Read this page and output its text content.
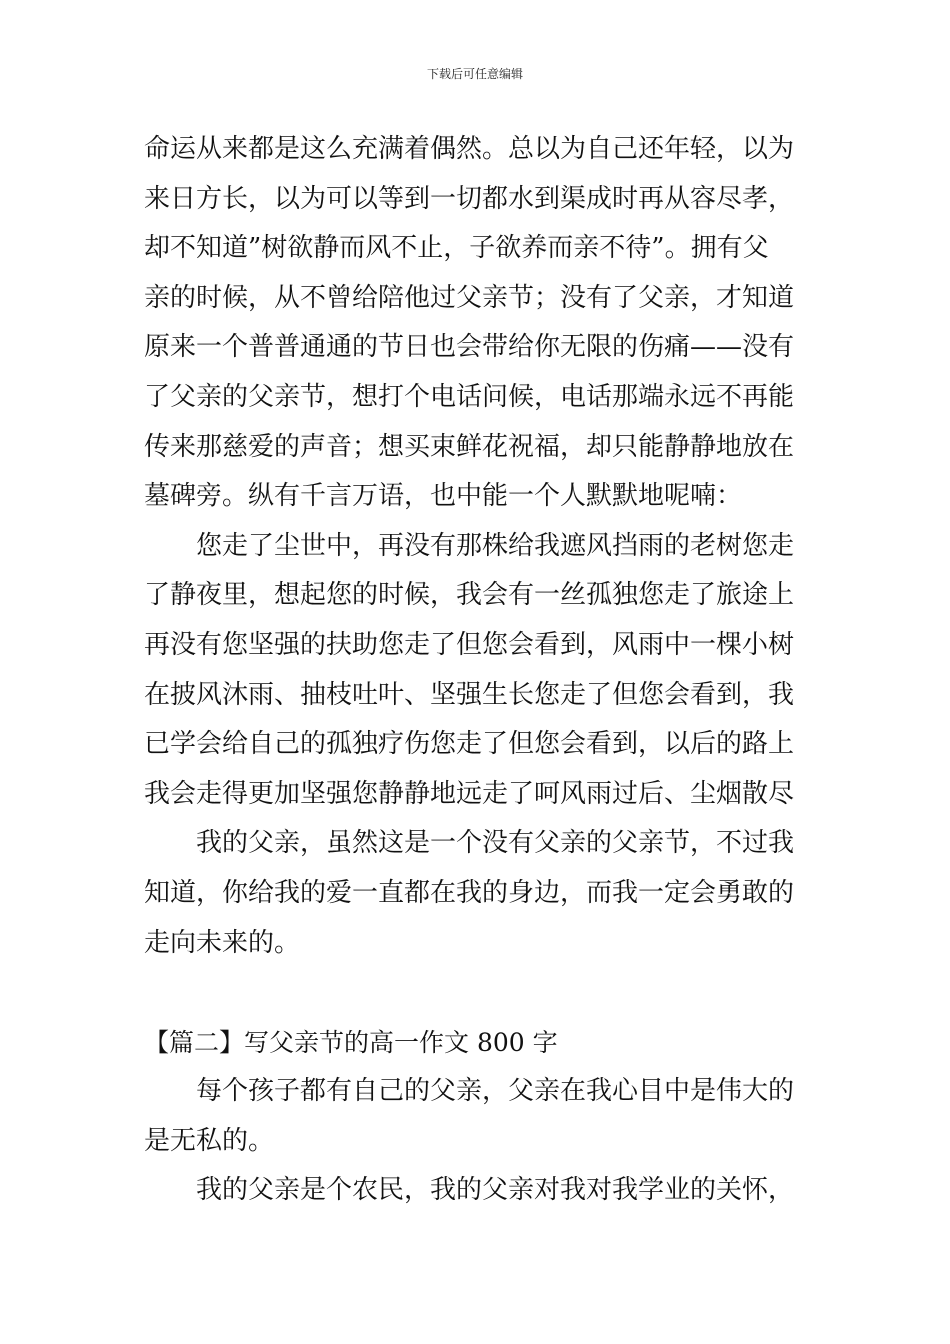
下载后可任意编辑
命运从来都是这么充满着偶然。总以为自己还年轻，以为
来日方长，以为可以等到一切都水到渠成时再从容尽孝，
却不知道”树欲静而风不止，子欲养而亲不待”。拥有父
亲的时候，从不曾给陪他过父亲节；没有了父亲，才知道
原来一个普普通通的节日也会带给你无限的伤痛——没有
了父亲的父亲节，想打个电话问候，电话那端永远不再能
传来那慈爱的声音；想买束鲜花祝福，却只能静静地放在
墓碑旁。纵有千言万语，也中能一个人默默地呢喃：
您走了尘世中，再没有那株给我遮风挡雨的老树您走
了静夜里，想起您的时候，我会有一丝孤独您走了旅途上
再没有您坚强的扶助您走了但您会看到，风雨中一棵小树
在披风沐雨、抽枝吐叶、坚强生长您走了但您会看到，我
已学会给自己的孤独疗伤您走了但您会看到，以后的路上
我会走得更加坚强您静静地远走了呵风雨过后、尘烟散尽
我的父亲，虽然这是一个没有父亲的父亲节，不过我
知道，你给我的爱一直都在我的身边，而我一定会勇敢的
走向未来的。
【篇二】写父亲节的高一作文 800 字
每个孩子都有自己的父亲，父亲在我心目中是伟大的
是无私的。
我的父亲是个农民，我的父亲对我对我学业的关怀，
